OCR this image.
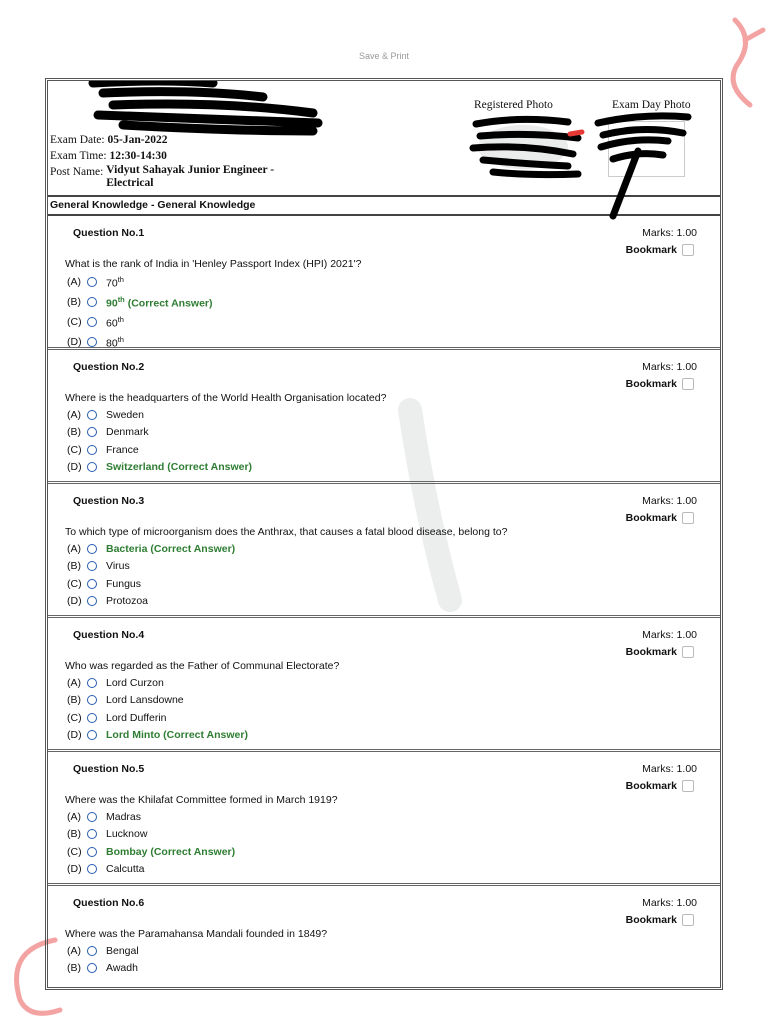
Save & Print
Exam Date: 05-Jan-2022
Exam Time: 12:30-14:30
Post Name: Vidyut Sahayak Junior Engineer - Electrical
Registered Photo	Exam Day Photo
General Knowledge - General Knowledge
Question No.1	Marks: 1.00
Bookmark
What is the rank of India in 'Henley Passport Index (HPI) 2021'?
(A)	70th
(B)	90th (Correct Answer)
(C)	60th
(D)	80th
Question No.2	Marks: 1.00
Bookmark
Where is the headquarters of the World Health Organisation located?
(A)	Sweden
(B)	Denmark
(C)	France
(D)	Switzerland (Correct Answer)
Question No.3	Marks: 1.00
Bookmark
To which type of microorganism does the Anthrax, that causes a fatal blood disease, belong to?
(A)	Bacteria (Correct Answer)
(B)	Virus
(C)	Fungus
(D)	Protozoa
Question No.4	Marks: 1.00
Bookmark
Who was regarded as the Father of Communal Electorate?
(A)	Lord Curzon
(B)	Lord Lansdowne
(C)	Lord Dufferin
(D)	Lord Minto (Correct Answer)
Question No.5	Marks: 1.00
Bookmark
Where was the Khilafat Committee formed in March 1919?
(A)	Madras
(B)	Lucknow
(C)	Bombay (Correct Answer)
(D)	Calcutta
Question No.6	Marks: 1.00
Bookmark
Where was the Paramahansa Mandali founded in 1849?
(A)	Bengal
(B)	Awadh
